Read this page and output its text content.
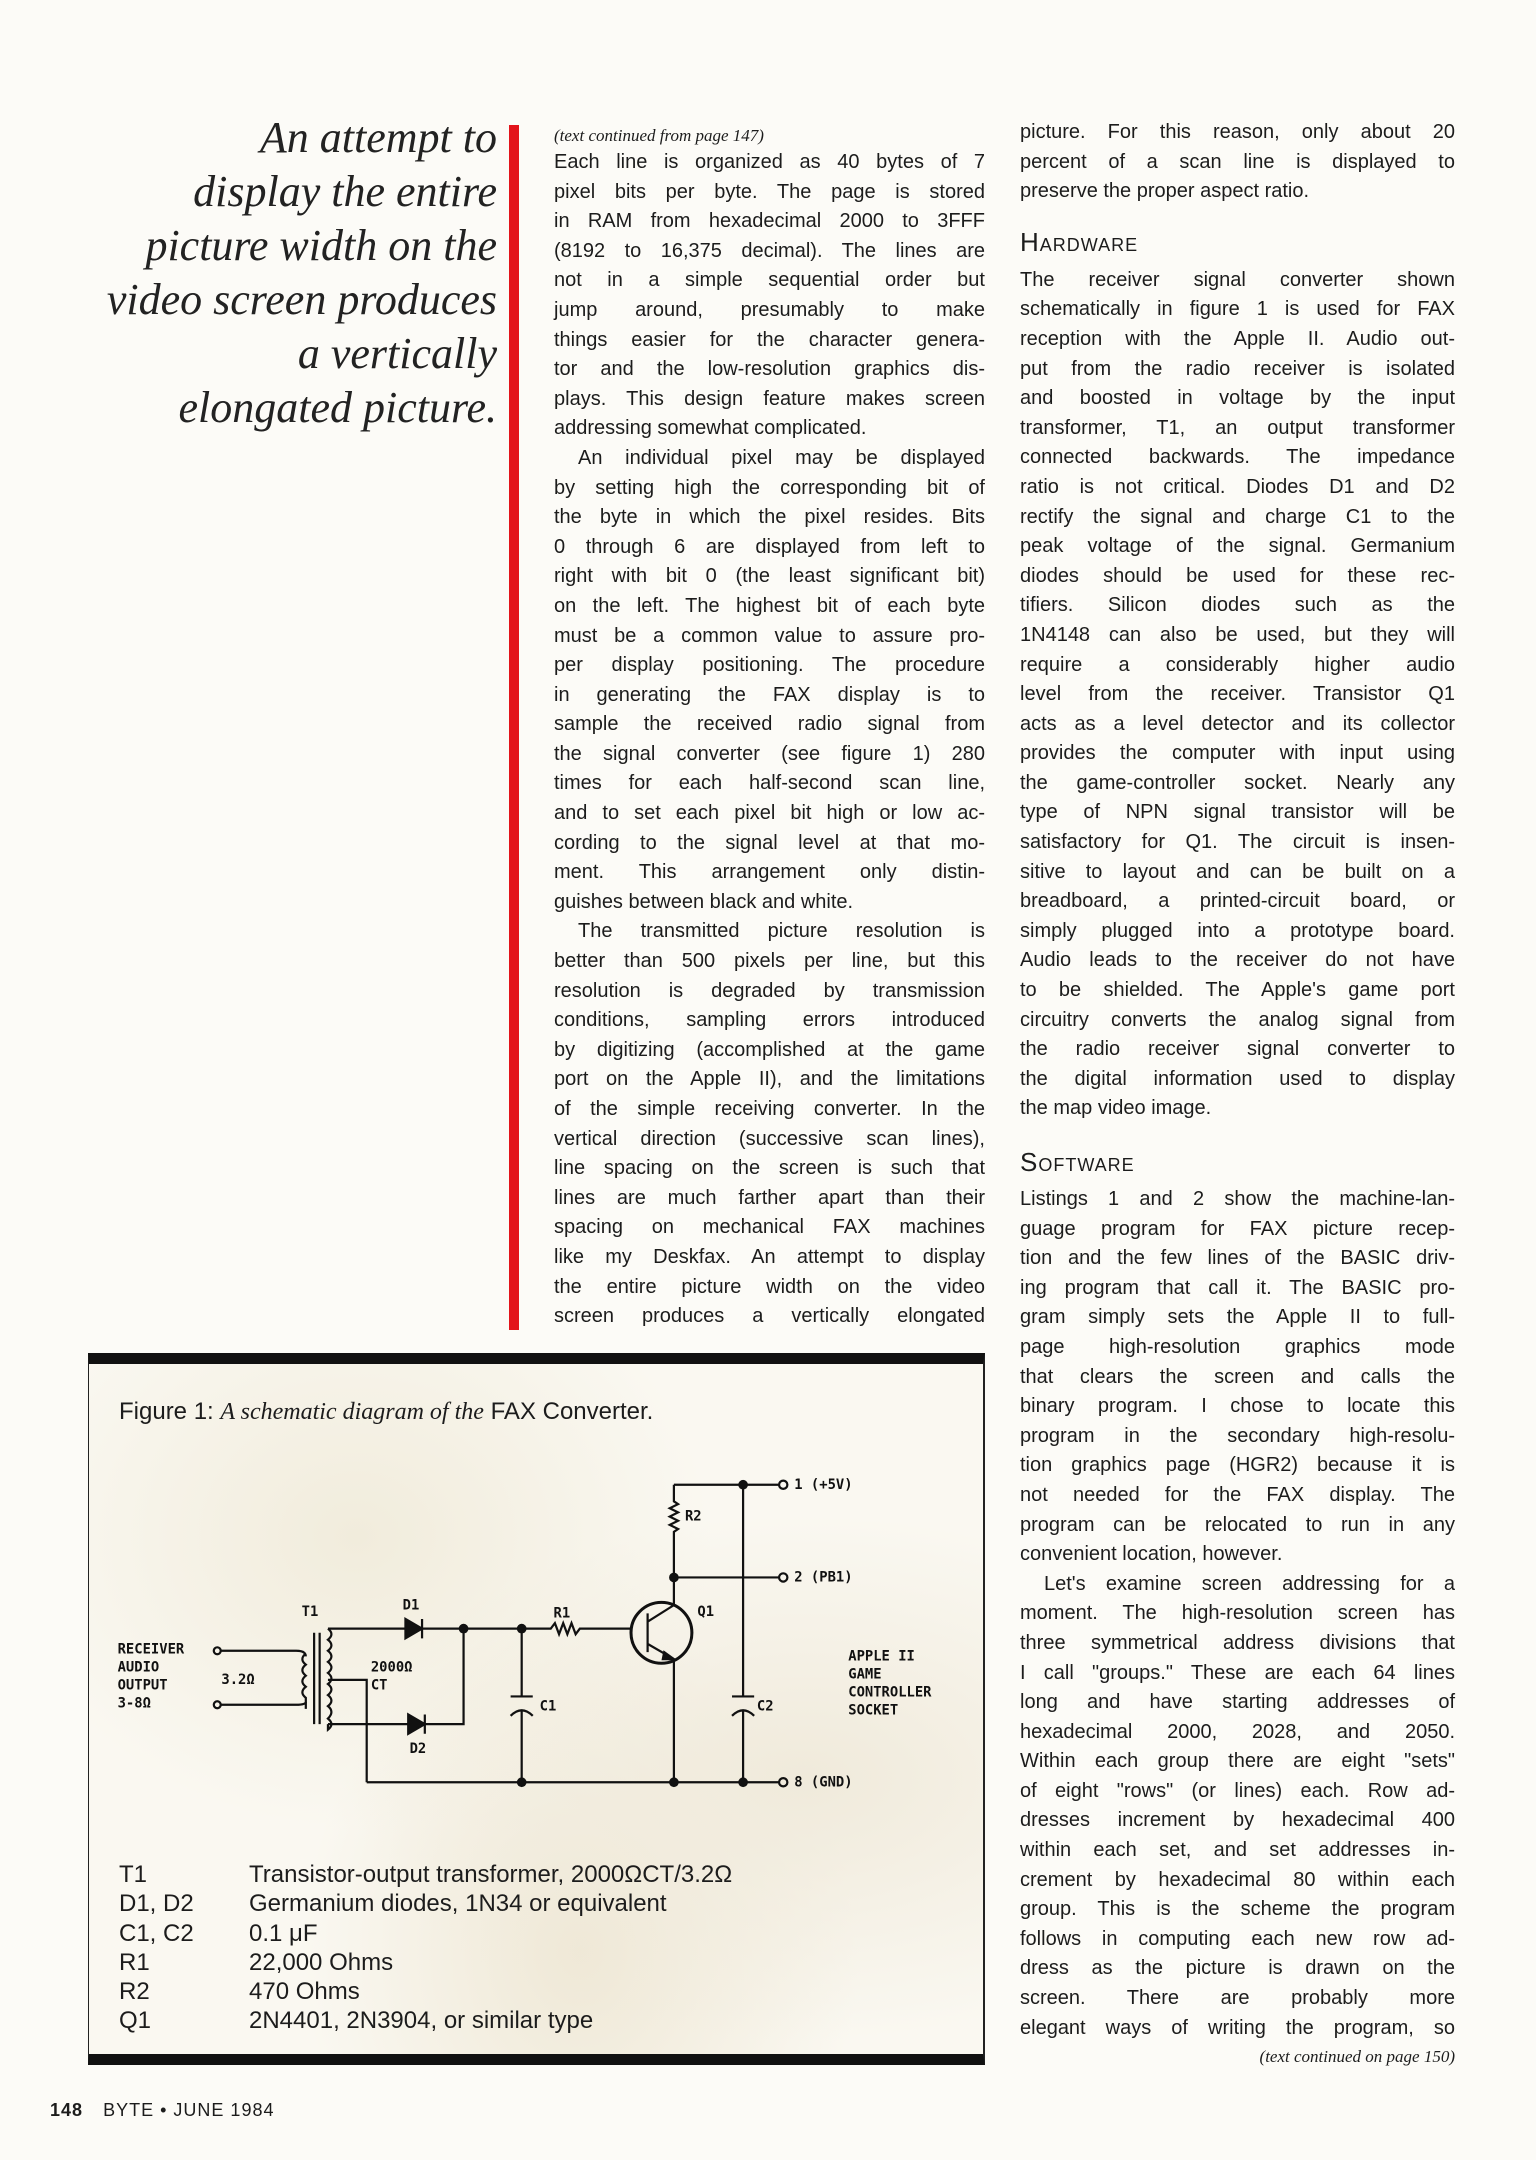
An attempt to
display the entire
picture width on the
video screen produces
a vertically
elongated picture.
(text continued from page 147)
Each line is organized as 40 bytes of 7
pixel bits per byte. The page is stored
in RAM from hexadecimal 2000 to 3FFF
(8192 to 16,375 decimal). The lines are
not in a simple sequential order but
jump around, presumably to make
things easier for the character genera-
tor and the low-resolution graphics dis-
plays. This design feature makes screen
addressing somewhat complicated.
An individual pixel may be displayed
by setting high the corresponding bit of
the byte in which the pixel resides. Bits
0 through 6 are displayed from left to
right with bit 0 (the least significant bit)
on the left. The highest bit of each byte
must be a common value to assure pro-
per display positioning. The procedure
in generating the FAX display is to
sample the received radio signal from
the signal converter (see figure 1) 280
times for each half-second scan line,
and to set each pixel bit high or low ac-
cording to the signal level at that mo-
ment. This arrangement only distin-
guishes between black and white.
The transmitted picture resolution is
better than 500 pixels per line, but this
resolution is degraded by transmission
conditions, sampling errors introduced
by digitizing (accomplished at the game
port on the Apple II), and the limitations
of the simple receiving converter. In the
vertical direction (successive scan lines),
line spacing on the screen is such that
lines are much farther apart than their
spacing on mechanical FAX machines
like my Deskfax. An attempt to display
the entire picture width on the video
screen produces a vertically elongated
picture. For this reason, only about 20
percent of a scan line is displayed to
preserve the proper aspect ratio.
Hardware
The receiver signal converter shown
schematically in figure 1 is used for FAX
reception with the Apple II. Audio out-
put from the radio receiver is isolated
and boosted in voltage by the input
transformer, T1, an output transformer
connected backwards. The impedance
ratio is not critical. Diodes D1 and D2
rectify the signal and charge C1 to the
peak voltage of the signal. Germanium
diodes should be used for these rec-
tifiers. Silicon diodes such as the
1N4148 can also be used, but they will
require a considerably higher audio
level from the receiver. Transistor Q1
acts as a level detector and its collector
provides the computer with input using
the game-controller socket. Nearly any
type of NPN signal transistor will be
satisfactory for Q1. The circuit is insen-
sitive to layout and can be built on a
breadboard, a printed-circuit board, or
simply plugged into a prototype board.
Audio leads to the receiver do not have
to be shielded. The Apple's game port
circuitry converts the analog signal from
the radio receiver signal converter to
the digital information used to display
the map video image.
Software
Listings 1 and 2 show the machine-lan-
guage program for FAX picture recep-
tion and the few lines of the BASIC driv-
ing program that call it. The BASIC pro-
gram simply sets the Apple II to full-
page high-resolution graphics mode
that clears the screen and calls the
binary program. I chose to locate this
program in the secondary high-resolu-
tion graphics page (HGR2) because it is
not needed for the FAX display. The
program can be relocated to run in any
convenient location, however.
Let's examine screen addressing for a
moment. The high-resolution screen has
three symmetrical address divisions that
I call "groups." These are each 64 lines
long and have starting addresses of
hexadecimal 2000, 2028, and 2050.
Within each group there are eight "sets"
of eight "rows" (or lines) each. Row ad-
dresses increment by hexadecimal 400
within each set, and set addresses in-
crement by hexadecimal 80 within each
group. This is the scheme the program
follows in computing each new row ad-
dress as the picture is drawn on the
screen. There are probably more
elegant ways of writing the program, so
(text continued on page 150)
Figure 1: A schematic diagram of the FAX Converter.
T1	Transistor-output transformer, 2000ΩCT/3.2Ω
D1, D2	Germanium diodes, 1N34 or equivalent
C1, C2	0.1 μF
R1	22,000 Ohms
R2	470 Ohms
Q1	2N4401, 2N3904, or similar type
1 (+5V)
2 (PB1)
8 (GND)
R2
Q1
R1
C1	C2
D1
D2
T1
2000Ω
CT
3.2Ω
RECEIVER
AUDIO
OUTPUT
3-8Ω
APPLE II
GAME
CONTROLLER
SOCKET
148 BYTE • JUNE 1984
